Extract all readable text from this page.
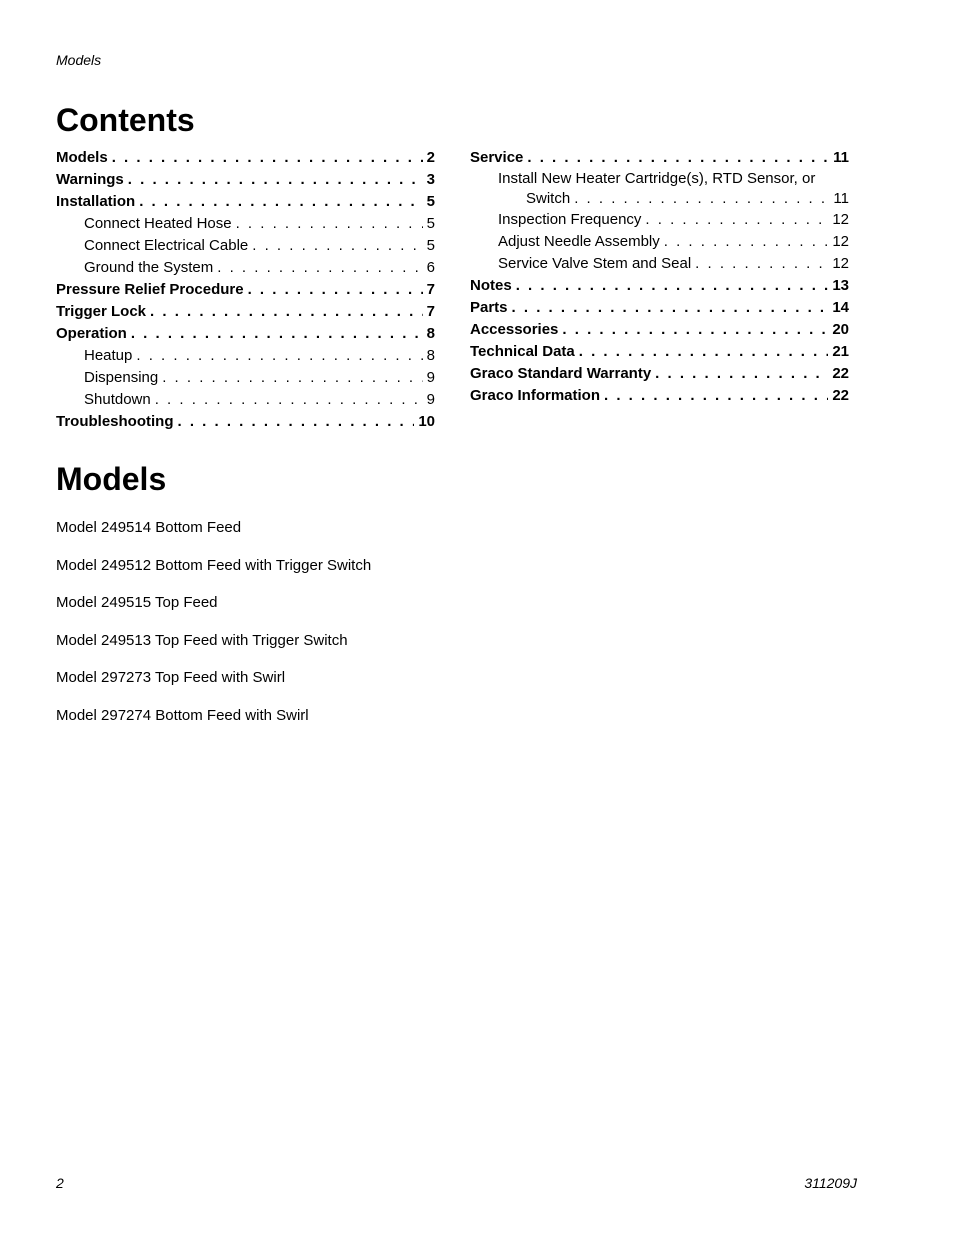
Models
Contents
Models . . .	2
Warnings . . .	3
Installation . . .	5
Connect Heated Hose . . .	5
Connect Electrical Cable . . .	5
Ground the System . . .	6
Pressure Relief Procedure . . .	7
Trigger Lock . . .	7
Operation . . .	8
Heatup . . .	8
Dispensing . . .	9
Shutdown . . .	9
Troubleshooting . . .	10
Service . . .	11
Install New Heater Cartridge(s), RTD Sensor, or
Switch . . .	11
Inspection Frequency . . .	12
Adjust Needle Assembly . . .	12
Service Valve Stem and Seal . . .	12
Notes . . .	13
Parts . . .	14
Accessories . . .	20
Technical Data . . .	21
Graco Standard Warranty . . .	22
Graco Information . . .	22
Models
Model 249514 Bottom Feed
Model 249512 Bottom Feed with Trigger Switch
Model 249515 Top Feed
Model 249513 Top Feed with Trigger Switch
Model 297273 Top Feed with Swirl
Model 297274 Bottom Feed with Swirl
2	311209J
